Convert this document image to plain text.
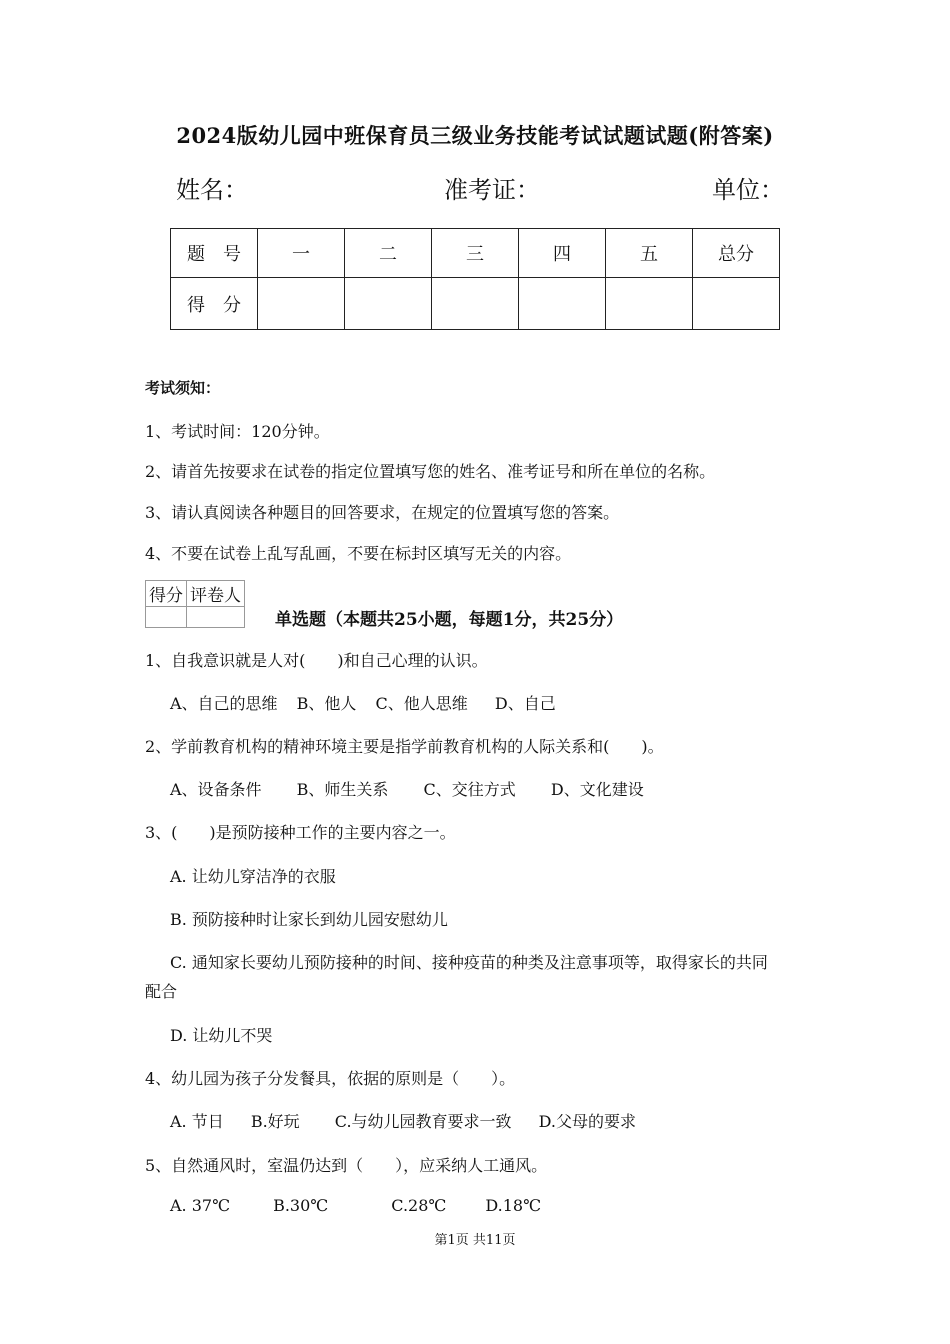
2024版幼儿园中班保育员三级业务技能考试试题试题(附答案)
姓名：	准考证：	单位：
题　号	一	二	三	四	五	总分
得　分						
考试须知：
1、考试时间：120分钟。
2、请首先按要求在试卷的指定位置填写您的姓名、准考证号和所在单位的名称。
3、请认真阅读各种题目的回答要求，在规定的位置填写您的答案。
4、不要在试卷上乱写乱画，不要在标封区填写无关的内容。
得分	评卷人

单选题（本题共25小题，每题1分，共25分）
1、自我意识就是人对(　　)和自己心理的认识。
A、自己的思维 B、他人 C、他人思维 D、自己
2、学前教育机构的精神环境主要是指学前教育机构的人际关系和(　　)。
A、设备条件 B、师生关系 C、交往方式 D、文化建设
3、(　　)是预防接种工作的主要内容之一。
A. 让幼儿穿洁净的衣服
B. 预防接种时让家长到幼儿园安慰幼儿
C. 通知家长要幼儿预防接种的时间、接种疫苗的种类及注意事项等，取得家长的共同
配合
D. 让幼儿不哭
4、幼儿园为孩子分发餐具，依据的原则是（　　）。
A. 节日 B.好玩 C.与幼儿园教育要求一致 D.父母的要求
5、自然通风时，室温仍达到（　　），应采纳人工通风。
A. 37℃	B.30℃	C.28℃ D.18℃
第1页 共11页
